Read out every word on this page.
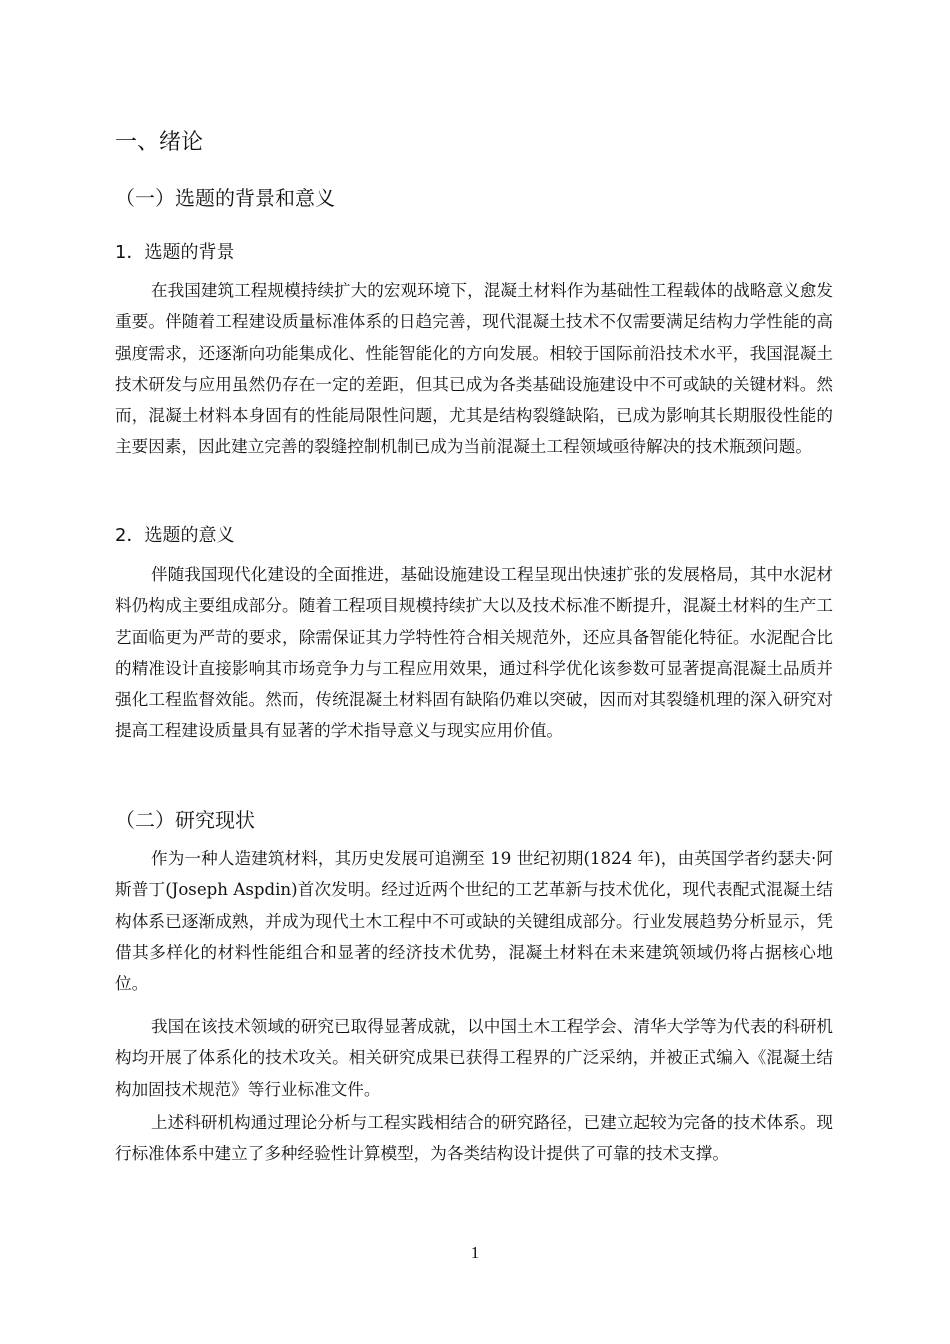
一、绪论
（一）选题的背景和意义
1．选题的背景

在我国建筑工程规模持续扩大的宏观环境下，混凝土材料作为基础性工程载体的战略意义愈发重要。伴随着工程建设质量标准体系的日趋完善，现代混凝土技术不仅需要满足结构力学性能的高强度需求，还逐渐向功能集成化、性能智能化的方向发展。相较于国际前沿技术水平，我国混凝土技术研发与应用虽然仍存在一定的差距，但其已成为各类基础设施建设中不可或缺的关键材料。然而，混凝土材料本身固有的性能局限性问题，尤其是结构裂缝缺陷，已成为影响其长期服役性能的主要因素，因此建立完善的裂缝控制机制已成为当前混凝土工程领域亟待解决的技术瓶颈问题。

2．选题的意义

伴随我国现代化建设的全面推进，基础设施建设工程呈现出快速扩张的发展格局，其中水泥材料仍构成主要组成部分。随着工程项目规模持续扩大以及技术标准不断提升，混凝土材料的生产工艺面临更为严苛的要求，除需保证其力学特性符合相关规范外，还应具备智能化特征。水泥配合比的精准设计直接影响其市场竞争力与工程应用效果，通过科学优化该参数可显著提高混凝土品质并强化工程监督效能。然而，传统混凝土材料固有缺陷仍难以突破，因而对其裂缝机理的深入研究对提高工程建设质量具有显著的学术指导意义与现实应用价值。

（二）研究现状

作为一种人造建筑材料，其历史发展可追溯至 19 世纪初期(1824 年)，由英国学者约瑟夫·阿斯普丁(Joseph Aspdin)首次发明。经过近两个世纪的工艺革新与技术优化，现代表配式混凝土结构体系已逐渐成熟，并成为现代土木工程中不可或缺的关键组成部分。行业发展趋势分析显示，凭借其多样化的材料性能组合和显著的经济技术优势，混凝土材料在未来建筑领域仍将占据核心地位。

我国在该技术领域的研究已取得显著成就，以中国土木工程学会、清华大学等为代表的科研机构均开展了体系化的技术攻关。相关研究成果已获得工程界的广泛采纳，并被正式编入《混凝土结构加固技术规范》等行业标准文件。

上述科研机构通过理论分析与工程实践相结合的研究路径，已建立起较为完备的技术体系。现行标准体系中建立了多种经验性计算模型，为各类结构设计提供了可靠的技术支撑。

1
